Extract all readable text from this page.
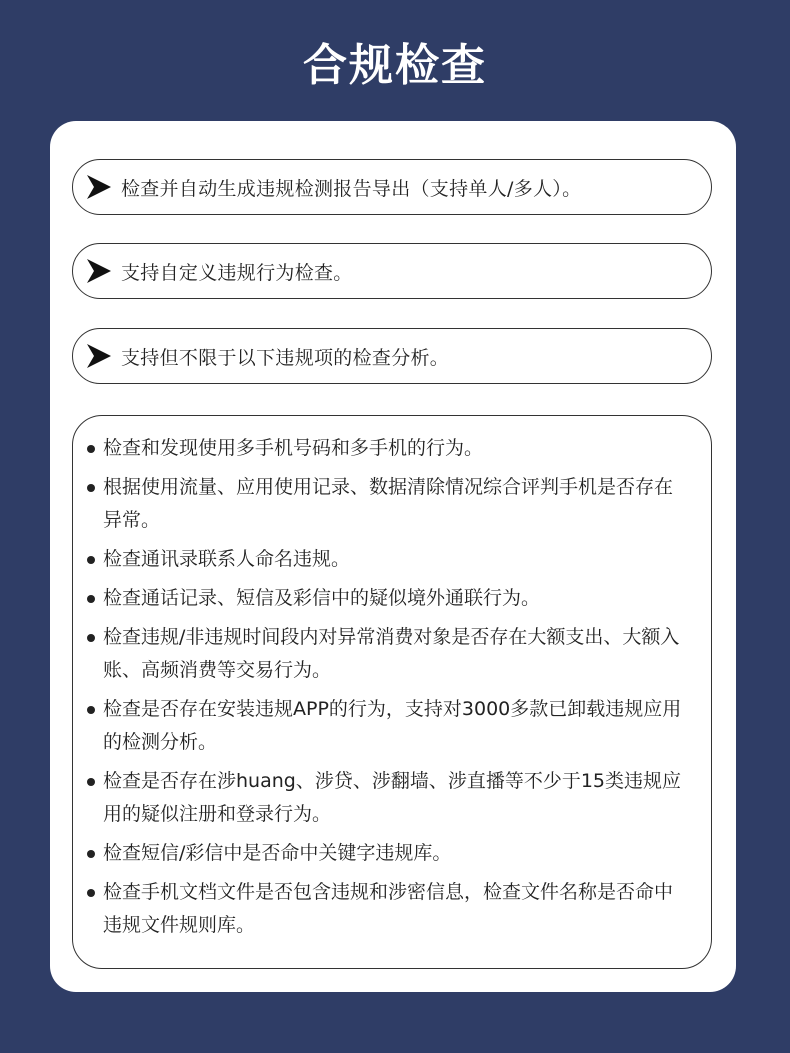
合规检查
检查并自动生成违规检测报告导出（支持单人/多人）。
支持自定义违规行为检查。
支持但不限于以下违规项的检查分析。
检查和发现使用多手机号码和多手机的行为。
根据使用流量、应用使用记录、数据清除情况综合评判手机是否存在异常。
检查通讯录联系人命名违规。
检查通话记录、短信及彩信中的疑似境外通联行为。
检查违规/非违规时间段内对异常消费对象是否存在大额支出、大额入账、高频消费等交易行为。
检查是否存在安装违规APP的行为，支持对3000多款已卸载违规应用的检测分析。
检查是否存在涉huang、涉贷、涉翻墙、涉直播等不少于15类违规应用的疑似注册和登录行为。
检查短信/彩信中是否命中关键字违规库。
检查手机文档文件是否包含违规和涉密信息，检查文件名称是否命中违规文件规则库。
